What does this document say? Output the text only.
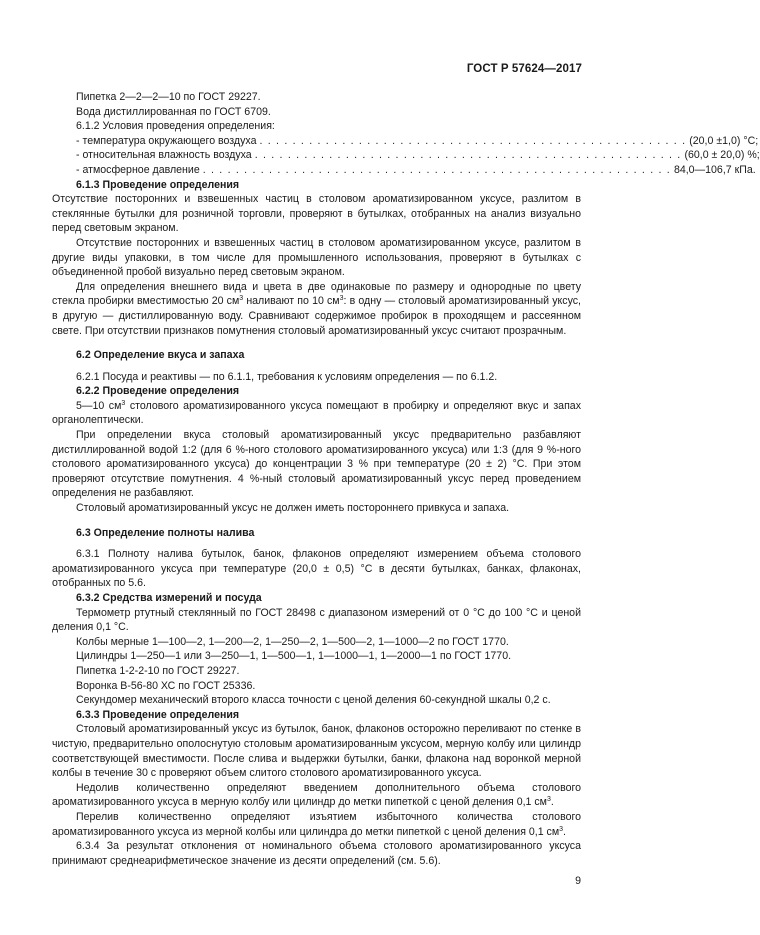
ГОСТ Р 57624—2017

Пипетка 2—2—2—10 по ГОСТ 29227.

Вода дистиллированная по ГОСТ 6709.

6.1.2 Условия проведения определения:

- температура окружающего воздуха . . . . . . . . . . . . . . . . . . . . . . . . . . . . . . . . . . . . . . . . . . . . . . . . . . . . (20,0 ±1,0) °С;
- относительная влажность воздуха . . . . . . . . . . . . . . . . . . . . . . . . . . . . . . . . . . . . . . . . . . . . . . . . . . . . (60,0 ± 20,0) %;
- атмосферное давление . . . . . . . . . . . . . . . . . . . . . . . . . . . . . . . . . . . . . . . . . . . . . . . . . . . . . . . . . 84,0—106,7 кПа.

6.1.3 Проведение определения

Отсутствие посторонних и взвешенных частиц в столовом ароматизированном уксусе, разлитом в стеклянные бутылки для розничной торговли, проверяют в бутылках, отобранных на анализ визуально перед световым экраном.

Отсутствие посторонних и взвешенных частиц в столовом ароматизированном уксусе, разлитом в другие виды упаковки, в том числе для промышленного использования, проверяют в бутылках с объединенной пробой визуально перед световым экраном.

Для определения внешнего вида и цвета в две одинаковые по размеру и однородные по цвету стекла пробирки вместимостью 20 $см^3$ наливают по 10 $см^3$: в одну — столовый ароматизированный уксус, в другую — дистиллированную воду. Сравнивают содержимое пробирок в проходящем и рассеянном свете. При отсутствии признаков помутнения столовый ароматизированный уксус считают прозрачным.

6.2 Определение вкуса и запаха

6.2.1 Посуда и реактивы — по 6.1.1, требования к условиям определения — по 6.1.2.

6.2.2 Проведение определения

5—10 $см^3$ столового ароматизированного уксуса помещают в пробирку и определяют вкус и запах органолептически.

При определении вкуса столовый ароматизированный уксус предварительно разбавляют дистиллированной водой 1:2 (для 6 %-ного столового ароматизированного уксуса) или 1:3 (для 9 %-ного столового ароматизированного уксуса) до концентрации 3 % при температуре (20 ± 2) °С. При этом проверяют отсутствие помутнения. 4 %-ный столовый ароматизированный уксус перед проведением определения не разбавляют.

Столовый ароматизированный уксус не должен иметь постороннего привкуса и запаха.

6.3 Определение полноты налива

6.3.1 Полноту налива бутылок, банок, флаконов определяют измерением объема столового ароматизированного уксуса при температуре (20,0 ± 0,5) °С в десяти бутылках, банках, флаконах, отобранных по 5.6.

6.3.2 Средства измерений и посуда

Термометр ртутный стеклянный по ГОСТ 28498 с диапазоном измерений от 0 °С до 100 °С и ценой деления 0,1 °С.

Колбы мерные 1—100—2, 1—200—2, 1—250—2, 1—500—2, 1—1000—2 по ГОСТ 1770.

Цилиндры 1—250—1 или 3—250—1, 1—500—1, 1—1000—1, 1—2000—1 по ГОСТ 1770.

Пипетка 1-2-2-10 по ГОСТ 29227.

Воронка В-56-80 ХС по ГОСТ 25336.

Секундомер механический второго класса точности с ценой деления 60-секундной шкалы 0,2 с.

6.3.3 Проведение определения

Столовый ароматизированный уксус из бутылок, банок, флаконов осторожно переливают по стенке в чистую, предварительно ополоснутую столовым ароматизированным уксусом, мерную колбу или цилиндр соответствующей вместимости. После слива и выдержки бутылки, банки, флакона над воронкой мерной колбы в течение 30 с проверяют объем слитого столового ароматизированного уксуса.

Недолив количественно определяют введением дополнительного объема столового ароматизированного уксуса в мерную колбу или цилиндр до метки пипеткой с ценой деления 0,1 $см^3$.

Перелив количественно определяют изъятием избыточного количества столового ароматизированного уксуса из мерной колбы или цилиндра до метки пипеткой с ценой деления 0,1 $см^3$.

6.3.4 За результат отклонения от номинального объема столового ароматизированного уксуса принимают среднеарифметическое значение из десяти определений (см. 5.6).

9
